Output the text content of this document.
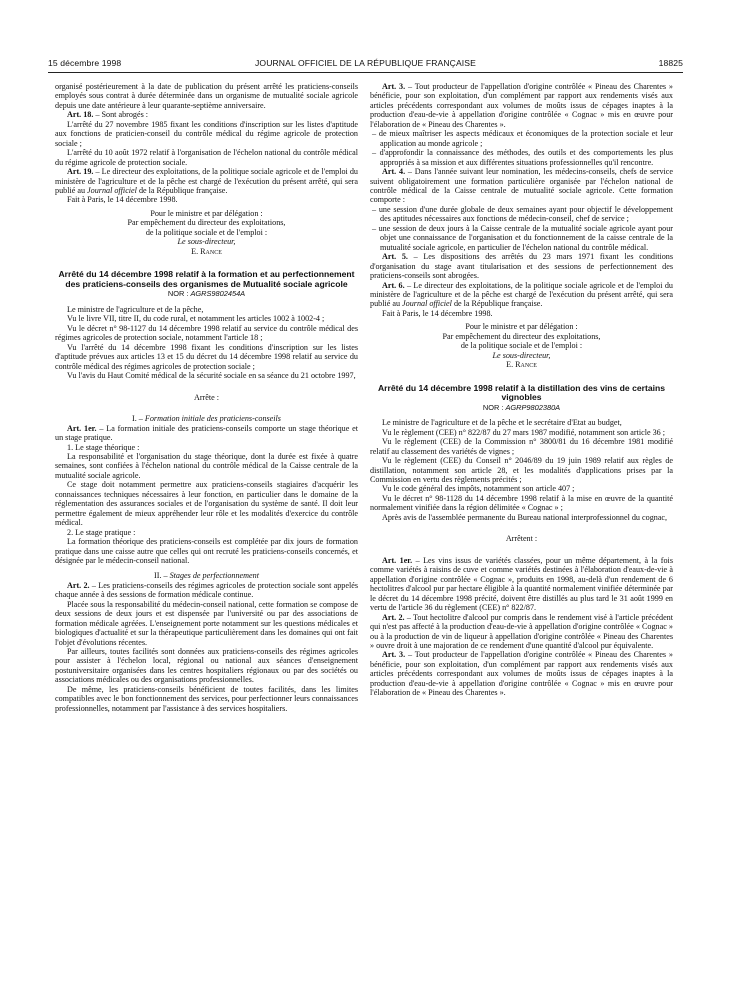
15 décembre 1998	JOURNAL OFFICIEL DE LA RÉPUBLIQUE FRANÇAISE	18825

organisé postérieurement à la date de publication du présent arrêté les praticiens-conseils employés sous contrat à durée déterminée dans un organisme de mutualité sociale agricole depuis une date antérieure à leur quarante-septième anniversaire.

Art. 18. – Sont abrogés :

L'arrêté du 27 novembre 1985 fixant les conditions d'inscription sur les listes d'aptitude aux fonctions de praticien-conseil du contrôle médical du régime agricole de protection sociale ;

L'arrêté du 10 août 1972 relatif à l'organisation de l'échelon national du contrôle médical du régime agricole de protection sociale.

Art. 19. – Le directeur des exploitations, de la politique sociale agricole et de l'emploi du ministère de l'agriculture et de la pêche est chargé de l'exécution du présent arrêté, qui sera publié au Journal officiel de la République française.

Fait à Paris, le 14 décembre 1998.

Pour le ministre et par délégation :

Par empêchement du directeur des exploitations,

de la politique sociale et de l'emploi :

Le sous-directeur,

E. Rance

Arrêté du 14 décembre 1998 relatif à la formation et au perfectionnement des praticiens-conseils des organismes de Mutualité sociale agricole

NOR : AGRS9802454A

Le ministre de l'agriculture et de la pêche,

Vu le livre VII, titre II, du code rural, et notamment les articles 1002 à 1002-4 ;

Vu le décret n° 98-1127 du 14 décembre 1998 relatif au service du contrôle médical des régimes agricoles de protection sociale, notamment l'article 18 ;

Vu l'arrêté du 14 décembre 1998 fixant les conditions d'inscription sur les listes d'aptitude prévues aux articles 13 et 15 du décret du 14 décembre 1998 relatif au service du contrôle médical des régimes agricoles de protection sociale ;

Vu l'avis du Haut Comité médical de la sécurité sociale en sa séance du 21 octobre 1997,

Arrête :

I. – Formation initiale des praticiens-conseils

Art. 1er. – La formation initiale des praticiens-conseils comporte un stage théorique et un stage pratique.

1. Le stage théorique :

La responsabilité et l'organisation du stage théorique, dont la durée est fixée à quatre semaines, sont confiées à l'échelon national du contrôle médical de la Caisse centrale de la mutualité sociale agricole.

Ce stage doit notamment permettre aux praticiens-conseils stagiaires d'acquérir les connaissances techniques nécessaires à leur fonction, en particulier dans le domaine de la réglementation des assurances sociales et de l'organisation du système de santé. Il doit leur permettre également de mieux appréhender leur rôle et les modalités d'exercice du contrôle médical.

2. Le stage pratique :

La formation théorique des praticiens-conseils est complétée par dix jours de formation pratique dans une caisse autre que celles qui ont recruté les praticiens-conseils concernés, et désignée par le médecin-conseil national.

II. – Stages de perfectionnement

Art. 2. – Les praticiens-conseils des régimes agricoles de protection sociale sont appelés chaque année à des sessions de formation médicale continue.

Placée sous la responsabilité du médecin-conseil national, cette formation se compose de deux sessions de deux jours et est dispensée par l'université ou par des associations de formation médicale agréées. L'enseignement porte notamment sur les questions médicales et biologiques d'actualité et sur la thérapeutique particulièrement dans les domaines qui ont fait l'objet d'évolutions récentes.

Par ailleurs, toutes facilités sont données aux praticiens-conseils des régimes agricoles pour assister à l'échelon local, régional ou national aux séances d'enseignement postuniversitaire organisées dans les centres hospitaliers régionaux ou par des sociétés ou associations médicales ou des organisations professionnelles.

De même, les praticiens-conseils bénéficient de toutes facilités, dans les limites compatibles avec le bon fonctionnement des services, pour perfectionner leurs connaissances professionnelles, notamment par l'assistance à des services hospitaliers.

Art. 3. – Tout producteur de l'appellation d'origine contrôlée « Pineau des Charentes » bénéficie, pour son exploitation, d'un complément par rapport aux rendements visés aux articles précédents correspondant aux volumes de moûts issus de cépages inaptes à la production d'eau-de-vie à appellation d'origine contrôlée « Cognac » mis en œuvre pour l'élaboration de « Pineau des Charentes ».

– de mieux maîtriser les aspects médicaux et économiques de la protection sociale et leur application au monde agricole ;

– d'approfondir la connaissance des méthodes, des outils et des comportements les plus appropriés à sa mission et aux différentes situations professionnelles qu'il rencontre.

Art. 4. – Dans l'année suivant leur nomination, les médecins-conseils, chefs de service suivent obligatoirement une formation particulière organisée par l'échelon national de contrôle médical de la Caisse centrale de mutualité sociale agricole. Cette formation comporte :

– une session d'une durée globale de deux semaines ayant pour objectif le développement des aptitudes nécessaires aux fonctions de médecin-conseil, chef de service ;

– une session de deux jours à la Caisse centrale de la mutualité sociale agricole ayant pour objet une connaissance de l'organisation et du fonctionnement de la caisse centrale de la mutualité sociale agricole, en particulier de l'échelon national du contrôle médical.

Art. 5. – Les dispositions des arrêtés du 23 mars 1971 fixant les conditions d'organisation du stage avant titularisation et des sessions de perfectionnement des praticiens-conseils sont abrogées.

Art. 6. – Le directeur des exploitations, de la politique sociale agricole et de l'emploi du ministère de l'agriculture et de la pêche est chargé de l'exécution du présent arrêté, qui sera publié au Journal officiel de la République française.

Fait à Paris, le 14 décembre 1998.

Pour le ministre et par délégation :

Par empêchement du directeur des exploitations,

de la politique sociale et de l'emploi :

Le sous-directeur,

E. Rance

Arrêté du 14 décembre 1998 relatif à la distillation des vins de certains vignobles

NOR : AGRP9802380A

Le ministre de l'agriculture et de la pêche et le secrétaire d'Etat au budget,

Vu le règlement (CEE) n° 822/87 du 27 mars 1987 modifié, notamment son article 36 ;

Vu le règlement (CEE) de la Commission n° 3800/81 du 16 décembre 1981 modifié relatif au classement des variétés de vignes ;

Vu le règlement (CEE) du Conseil n° 2046/89 du 19 juin 1989 relatif aux règles de distillation, notamment son article 28, et les modalités d'applications prises par la Commission en vertu des règlements précités ;

Vu le code général des impôts, notamment son article 407 ;

Vu le décret n° 98-1128 du 14 décembre 1998 relatif à la mise en œuvre de la quantité normalement vinifiée dans la région délimitée « Cognac » ;

Après avis de l'assemblée permanente du Bureau national interprofessionnel du cognac,

Arrêtent :

Art. 1er. – Les vins issus de variétés classées, pour un même département, à la fois comme variétés à raisins de cuve et comme variétés destinées à l'élaboration d'eaux-de-vie à appellation d'origine contrôlée « Cognac », produits en 1998, au-delà d'un rendement de 6 hectolitres d'alcool pur par hectare éligible à la quantité normalement vinifiée déterminée par le décret du 14 décembre 1998 précité, doivent être distillés au plus tard le 31 août 1999 en vertu de l'article 36 du règlement (CEE) n° 822/87.

Art. 2. – Tout hectolitre d'alcool pur compris dans le rendement visé à l'article précédent qui n'est pas affecté à la production d'eau-de-vie à appellation d'origine contrôlée « Cognac » ou à la production de vin de liqueur à appellation d'origine contrôlée « Pineau des Charentes » ouvre droit à une majoration de ce rendement d'une quantité d'alcool pur équivalente.

Art. 3. – Tout producteur de l'appellation d'origine contrôlée « Pineau des Charentes » bénéficie, pour son exploitation, d'un complément par rapport aux rendements visés aux articles précédents correspondant aux volumes de moûts issus de cépages inaptes à la production d'eau-de-vie à appellation d'origine contrôlée « Cognac » mis en œuvre pour l'élaboration de « Pineau des Charentes ».
